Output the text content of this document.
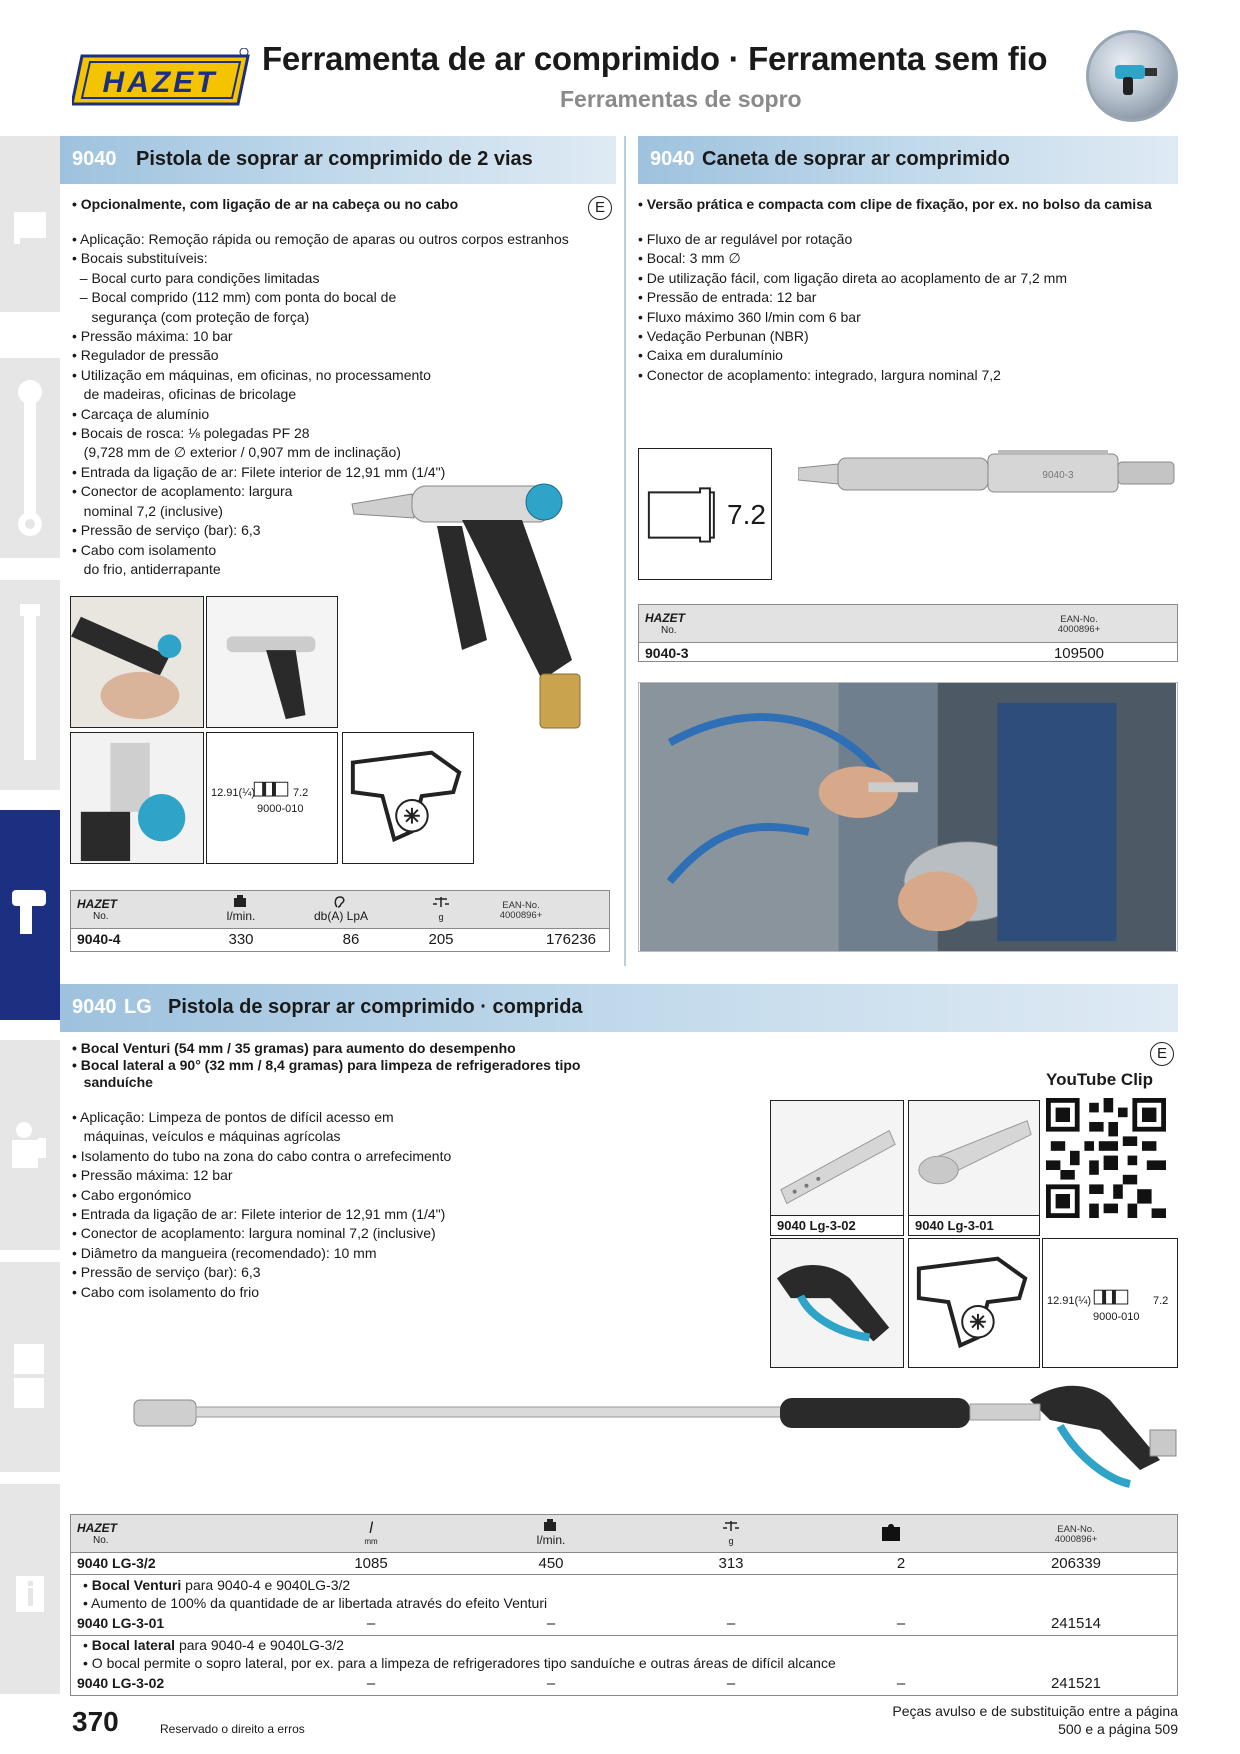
HAZET
Ferramenta de ar comprimido · Ferramenta sem fio
Ferramentas de sopro
9040 Pistola de soprar ar comprimido de 2 vias
• Opcionalmente, com ligação de ar na cabeça ou no cabo	E
• Aplicação: Remoção rápida ou remoção de aparas ou outros corpos estranhos
• Bocais substituíveis:
– Bocal curto para condições limitadas
– Bocal comprido (112 mm) com ponta do bocal de
segurança (com proteção de força)
• Pressão máxima: 10 bar
• Regulador de pressão
• Utilização em máquinas, em oficinas, no processamento
de madeiras, oficinas de bricolage
• Carcaça de alumínio
• Bocais de rosca: ⅛ polegadas PF 28
(9,728 mm de ∅ exterior / 0,907 mm de inclinação)
• Entrada da ligação de ar: Filete interior de 12,91 mm (1/4")
• Conector de acoplamento: largura
nominal 7,2 (inclusive)
• Pressão de serviço (bar): 6,3
• Cabo com isolamento
do frio, antiderrapante
12.91(¼)	7.2
9000-010
HAZET
No.	l/min.	db(A) LpA	g
EAN-No.
4000896+
9040-4	330	86	205	176236
9040 Caneta de soprar ar comprimido
• Versão prática e compacta com clipe de fixação, por ex. no bolso da camisa
• Fluxo de ar regulável por rotação
• Bocal: 3 mm ∅
• De utilização fácil, com ligação direta ao acoplamento de ar 7,2 mm
• Pressão de entrada: 12 bar
• Fluxo máximo 360 l/min com 6 bar
• Vedação Perbunan (NBR)
• Caixa em duralumínio
• Conector de acoplamento: integrado, largura nominal 7,2
7.2
9040-3
HAZET
No.
EAN-No.
4000896+
9040-3	109500
9040 LG Pistola de soprar ar comprimido · comprida
• Bocal Venturi (54 mm / 35 gramas) para aumento do desempenho
• Bocal lateral a 90° (32 mm / 8,4 gramas) para limpeza de refrigeradores tipo
sanduíche
E
• Aplicação: Limpeza de pontos de difícil acesso em
máquinas, veículos e máquinas agrícolas
• Isolamento do tubo na zona do cabo contra o arrefecimento
• Pressão máxima: 12 bar
• Cabo ergonómico
• Entrada da ligação de ar: Filete interior de 12,91 mm (1/4")
• Conector de acoplamento: largura nominal 7,2 (inclusive)
• Diâmetro da mangueira (recomendado): 10 mm
• Pressão de serviço (bar): 6,3
• Cabo com isolamento do frio
YouTube Clip
9040 Lg-3-02	9040 Lg-3-01
12.91(¼)	7.2
9000-010
HAZET
No.
l
mm	l/min.	g
EAN-No.
4000896+
9040 LG-3/2	1085	450	313	2	206339
• Bocal Venturi para 9040-4 e 9040LG-3/2
• Aumento de 100% da quantidade de ar libertada através do efeito Venturi
9040 LG-3-01	–	–	–	–	241514
• Bocal lateral para 9040-4 e 9040LG-3/2
• O bocal permite o sopro lateral, por ex. para a limpeza de refrigeradores tipo sanduíche e outras áreas de difícil alcance
9040 LG-3-02	–	–	–	–	241521
370	Reservado o direito a erros
Peças avulso e de substituição entre a página
500 e a página 509
